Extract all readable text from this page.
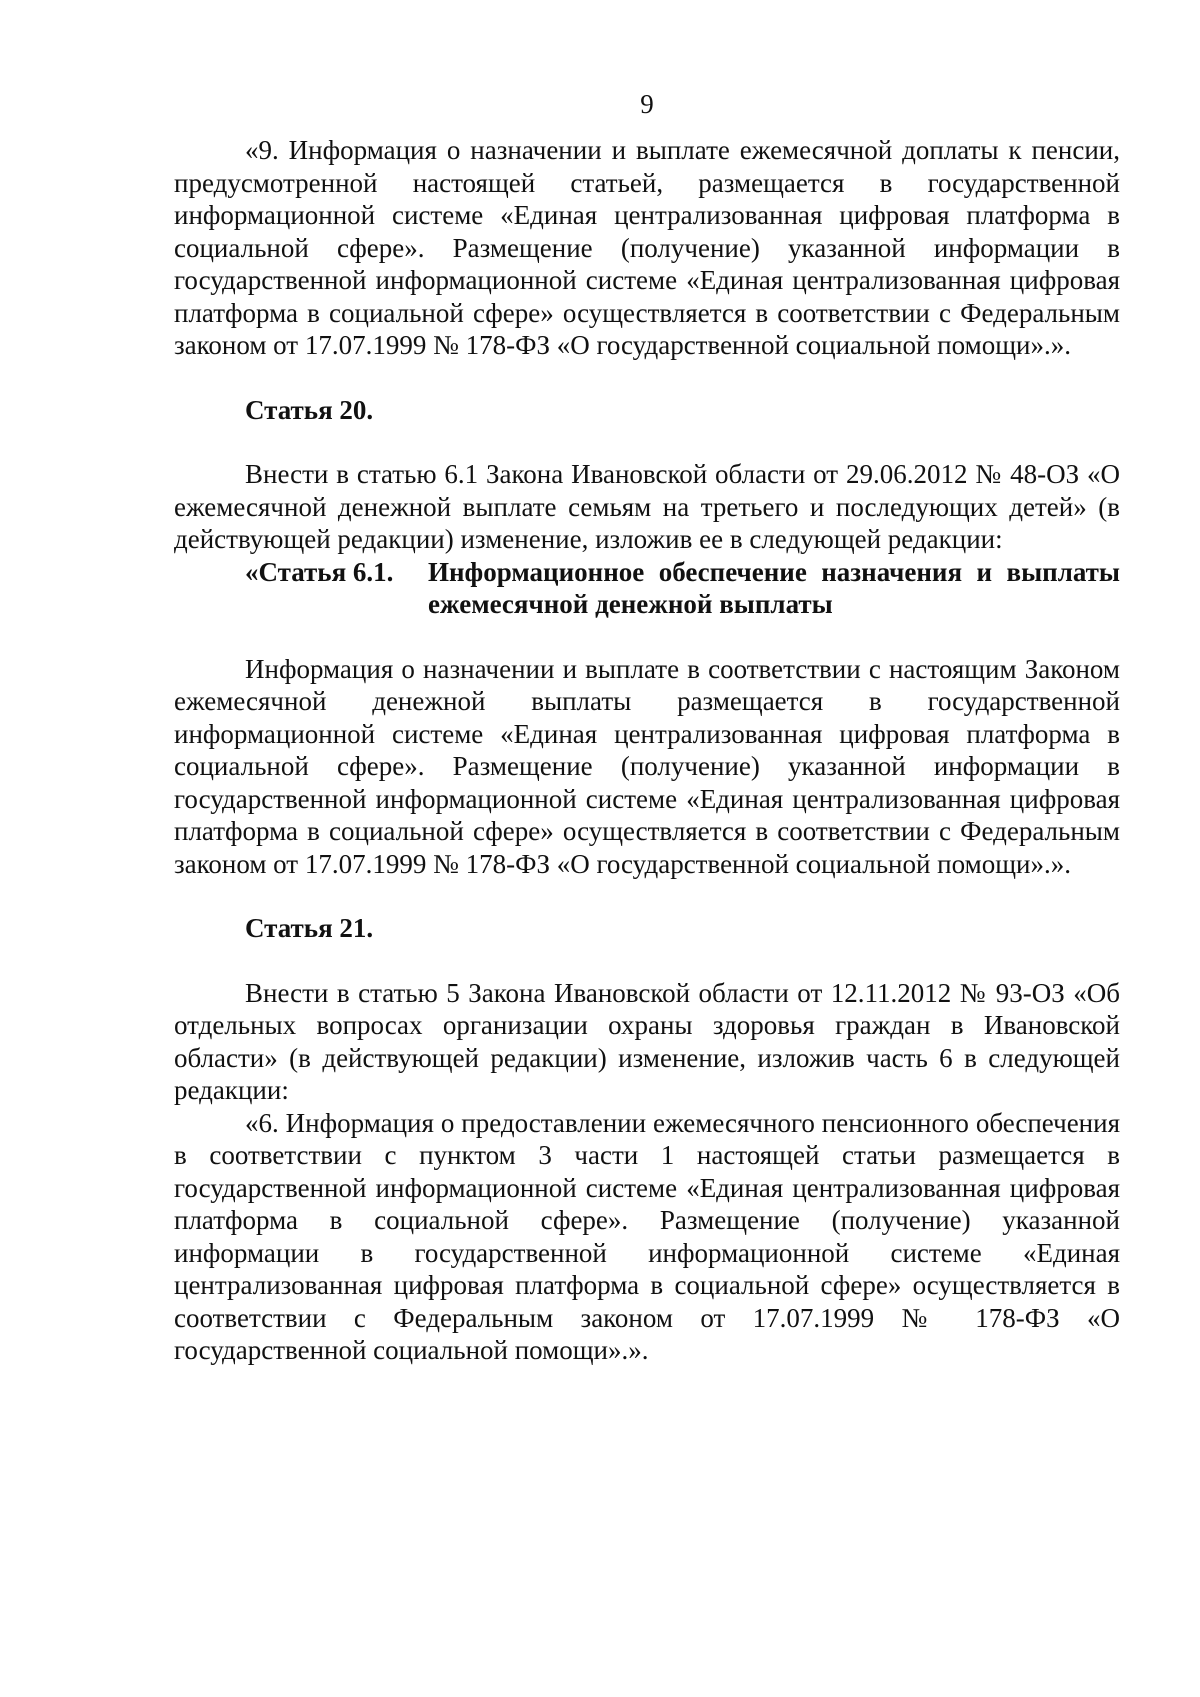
9

«9. Информация о назначении и выплате ежемесячной доплаты к пенсии, предусмотренной настоящей статьей, размещается в государственной информационной системе «Единая централизованная цифровая платформа в социальной сфере». Размещение (получение) указанной информации в государственной информационной системе «Единая централизованная цифровая платформа в социальной сфере» осуществляется в соответствии с Федеральным законом от 17.07.1999 № 178-ФЗ «О государственной социальной помощи».».

Статья 20.

Внести в статью 6.1 Закона Ивановской области от 29.06.2012 № 48-ОЗ «О ежемесячной денежной выплате семьям на третьего и последующих детей» (в действующей редакции) изменение, изложив ее в следующей редакции:

«Статья 6.1.	Информационное обеспечение назначения и выплаты ежемесячной денежной выплаты

Информация о назначении и выплате в соответствии с настоящим Законом ежемесячной денежной выплаты размещается в государственной информационной системе «Единая централизованная цифровая платформа в социальной сфере». Размещение (получение) указанной информации в государственной информационной системе «Единая централизованная цифровая платформа в социальной сфере» осуществляется в соответствии с Федеральным законом от 17.07.1999 № 178-ФЗ «О государственной социальной помощи».».

Статья 21.

Внести в статью 5 Закона Ивановской области от 12.11.2012 № 93-ОЗ «Об отдельных вопросах организации охраны здоровья граждан в Ивановской области» (в действующей редакции) изменение, изложив часть 6 в следующей редакции:

«6. Информация о предоставлении ежемесячного пенсионного обеспечения в соответствии с пунктом 3 части 1 настоящей статьи размещается в государственной информационной системе «Единая централизованная цифровая платформа в социальной сфере». Размещение (получение) указанной информации в государственной информационной системе «Единая централизованная цифровая платформа в социальной сфере» осуществляется в соответствии с Федеральным законом от 17.07.1999 № 178-ФЗ «О государственной социальной помощи».».
